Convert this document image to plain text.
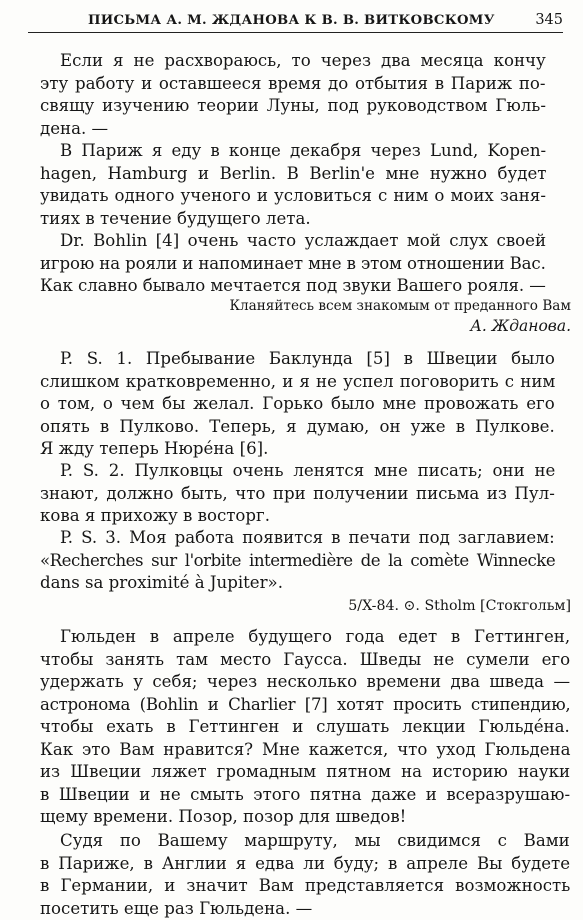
ПИСЬМА А. М. ЖДАНОВА К В. В. ВИТКОВСКОМУ	345
Если я не расхвораюсь, то через два месяца кончу
эту работу и оставшееся время до отбытия в Париж по-
свящу изучению теории Луны, под руководством Гюль-
дена. —
В Париж я еду в конце декабря через Lund, Kopen-
hagen, Hamburg и Berlin. В Berlin'е мне нужно будет
увидать одного ученого и условиться с ним о моих заня-
тиях в течение будущего лета.
Dr. Bohlin [4] очень часто услаждает мой слух своей
игрою на рояли и напоминает мне в этом отношении Вас.
Как славно бывало мечтается под звуки Вашего рояля. —
Кланяйтесь всем знакомым от преданного Вам
А. Жданова.
P. S. 1. Пребывание Баклунда [5] в Швеции было
слишком кратковременно, и я не успел поговорить с ним
о том, о чем бы желал. Горько было мне провожать его
опять в Пулково. Теперь, я думаю, он уже в Пулкове.
Я жду теперь Нюрéна [6].
P. S. 2. Пулковцы очень ленятся мне писать; они не
знают, должно быть, что при получении письма из Пул-
кова я прихожу в восторг.
P. S. 3. Моя работа появится в печати под заглавием:
«Recherches sur l'orbite intermedière de la comète Winnecke
dans sa proximité à Jupiter».
5/X-84. ⊙. Stholm [Стокгольм]
Гюльден в апреле будущего года едет в Геттинген,
чтобы занять там место Гаусса. Шведы не сумели его
удержать у себя; через несколько времени два шведа —
астронома (Bohlin и Charlier [7] хотят просить стипендию,
чтобы ехать в Геттинген и слушать лекции Гюльдéна.
Как это Вам нравится? Мне кажется, что уход Гюльдена
из Швеции ляжет громадным пятном на историю науки
в Швеции и не смыть этого пятна даже и всеразрушаю-
щему времени. Позор, позор для шведов!
Судя по Вашему маршруту, мы свидимся с Вами
в Париже, в Англии я едва ли буду; в апреле Вы будете
в Германии, и значит Вам представляется возможность
посетить еще раз Гюльдена. —
